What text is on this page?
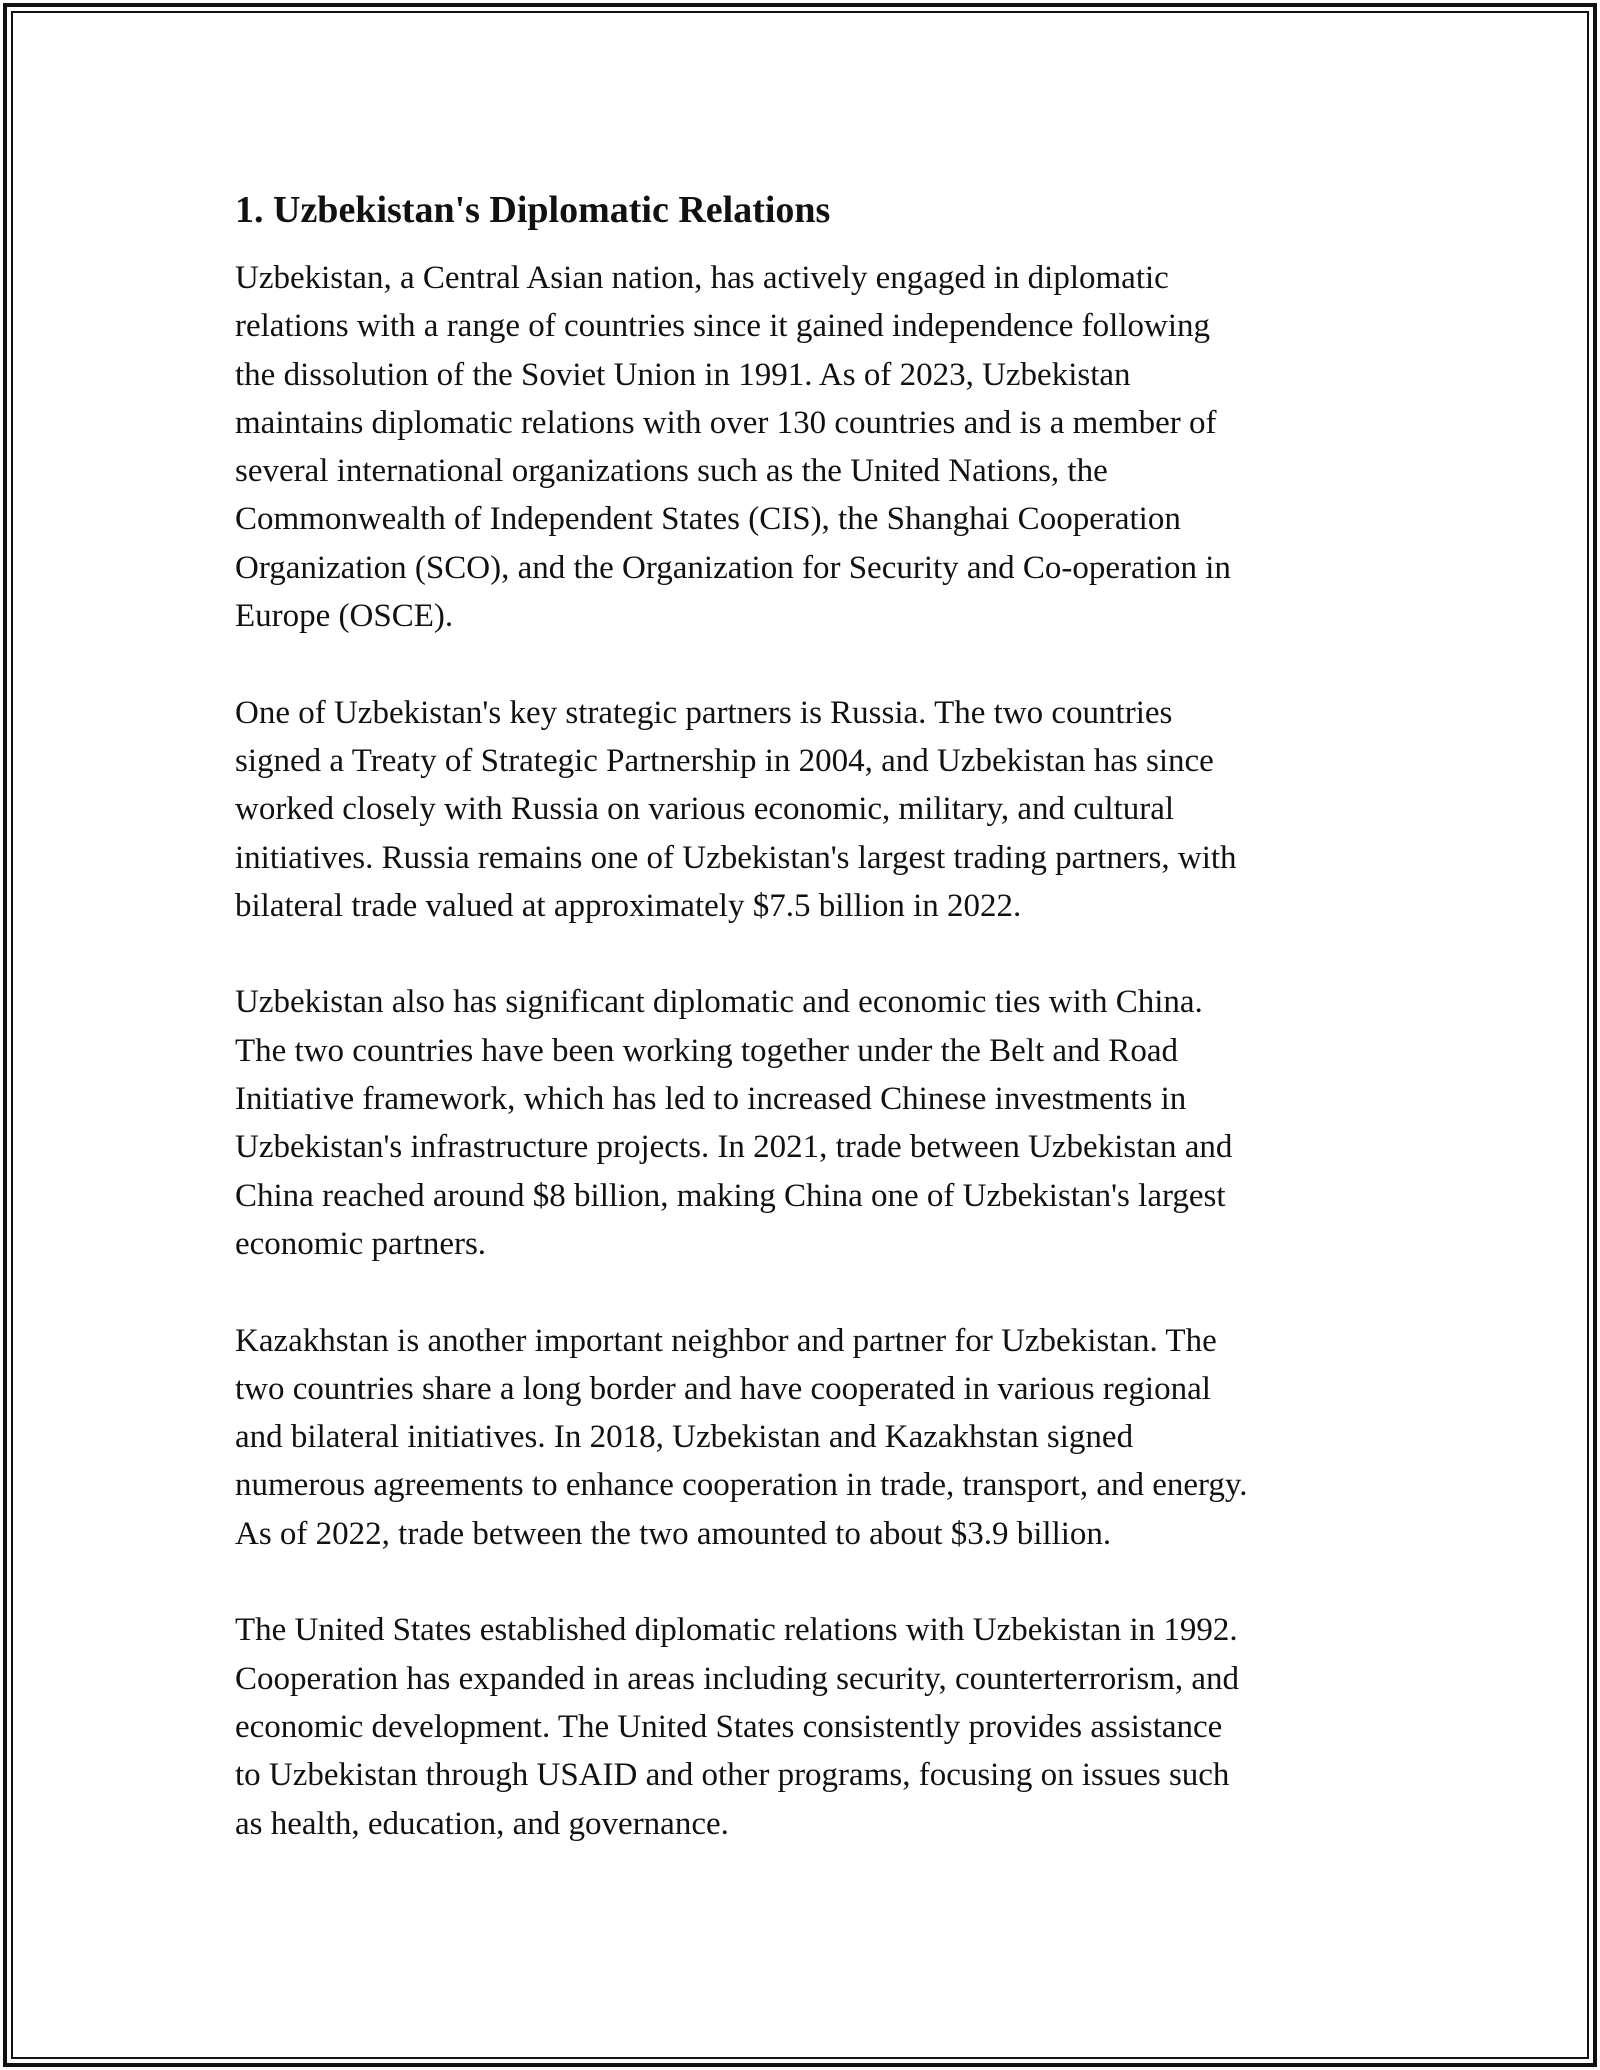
1. Uzbekistan's Diplomatic Relations
Uzbekistan, a Central Asian nation, has actively engaged in diplomatic
relations with a range of countries since it gained independence following
the dissolution of the Soviet Union in 1991. As of 2023, Uzbekistan
maintains diplomatic relations with over 130 countries and is a member of
several international organizations such as the United Nations, the
Commonwealth of Independent States (CIS), the Shanghai Cooperation
Organization (SCO), and the Organization for Security and Co-operation in
Europe (OSCE).
One of Uzbekistan's key strategic partners is Russia. The two countries
signed a Treaty of Strategic Partnership in 2004, and Uzbekistan has since
worked closely with Russia on various economic, military, and cultural
initiatives. Russia remains one of Uzbekistan's largest trading partners, with
bilateral trade valued at approximately $7.5 billion in 2022.
Uzbekistan also has significant diplomatic and economic ties with China.
The two countries have been working together under the Belt and Road
Initiative framework, which has led to increased Chinese investments in
Uzbekistan's infrastructure projects. In 2021, trade between Uzbekistan and
China reached around $8 billion, making China one of Uzbekistan's largest
economic partners.
Kazakhstan is another important neighbor and partner for Uzbekistan. The
two countries share a long border and have cooperated in various regional
and bilateral initiatives. In 2018, Uzbekistan and Kazakhstan signed
numerous agreements to enhance cooperation in trade, transport, and energy.
As of 2022, trade between the two amounted to about $3.9 billion.
The United States established diplomatic relations with Uzbekistan in 1992.
Cooperation has expanded in areas including security, counterterrorism, and
economic development. The United States consistently provides assistance
to Uzbekistan through USAID and other programs, focusing on issues such
as health, education, and governance.
